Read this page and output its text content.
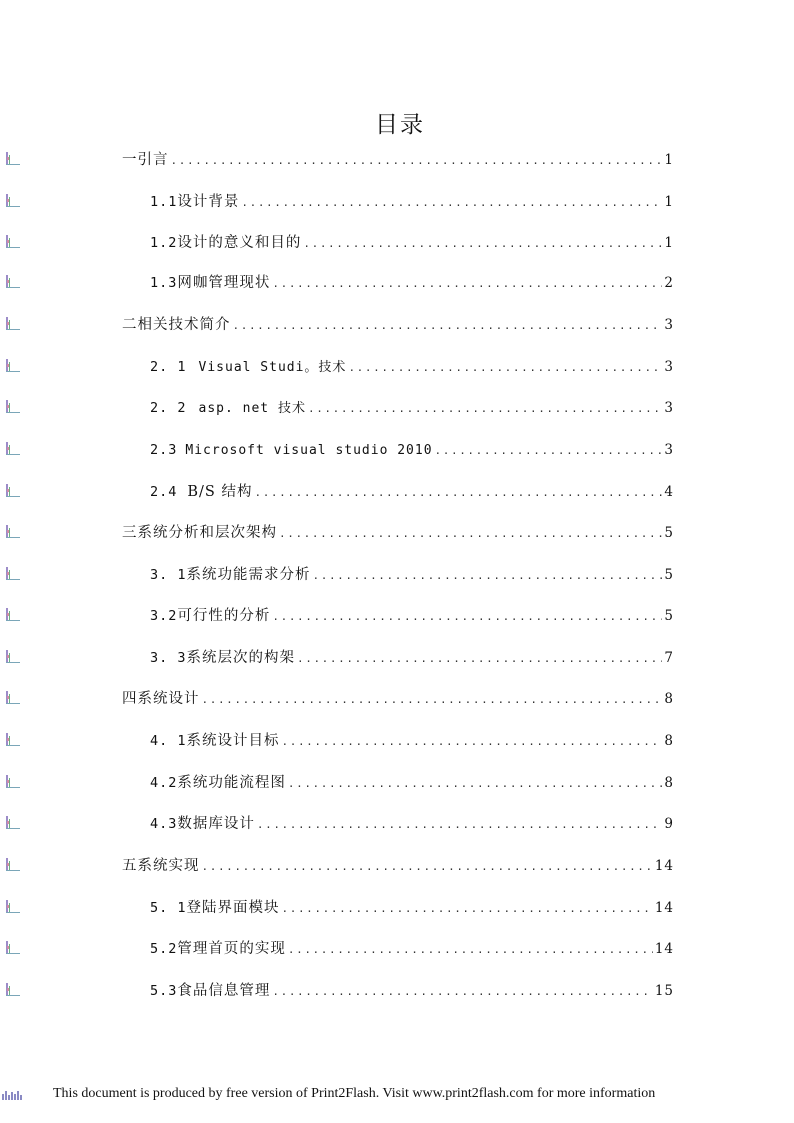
目录
一引言 .....	1
1.1 设计背景 .....	1
1.2 设计的意义和目的 .....	1
1.3 网咖管理现状 .....	2
二相关技术简介 .....	3
2. 1 Visual Studi。技术 .....	3
2. 2 asp. net 技术 .....	3
2.3 Microsoft visual studio 2010 .....	3
2.4 B/S 结构 .....	4
三系统分析和层次架构 .....	5
3. 1 系统功能需求分析 .....	5
3.2 可行性的分析 .....	5
3. 3 系统层次的构架 .....	7
四系统设计 .....	8
4. 1 系统设计目标 .....	8
4.2 系统功能流程图 .....	8
4.3 数据库设计 .....	9
五系统实现 .....	14
5. 1 登陆界面模块 .....	14
5.2 管理首页的实现 .....	14
5.3 食品信息管理 .....	15
This document is produced by free version of Print2Flash. Visit www.print2flash.com for more information
